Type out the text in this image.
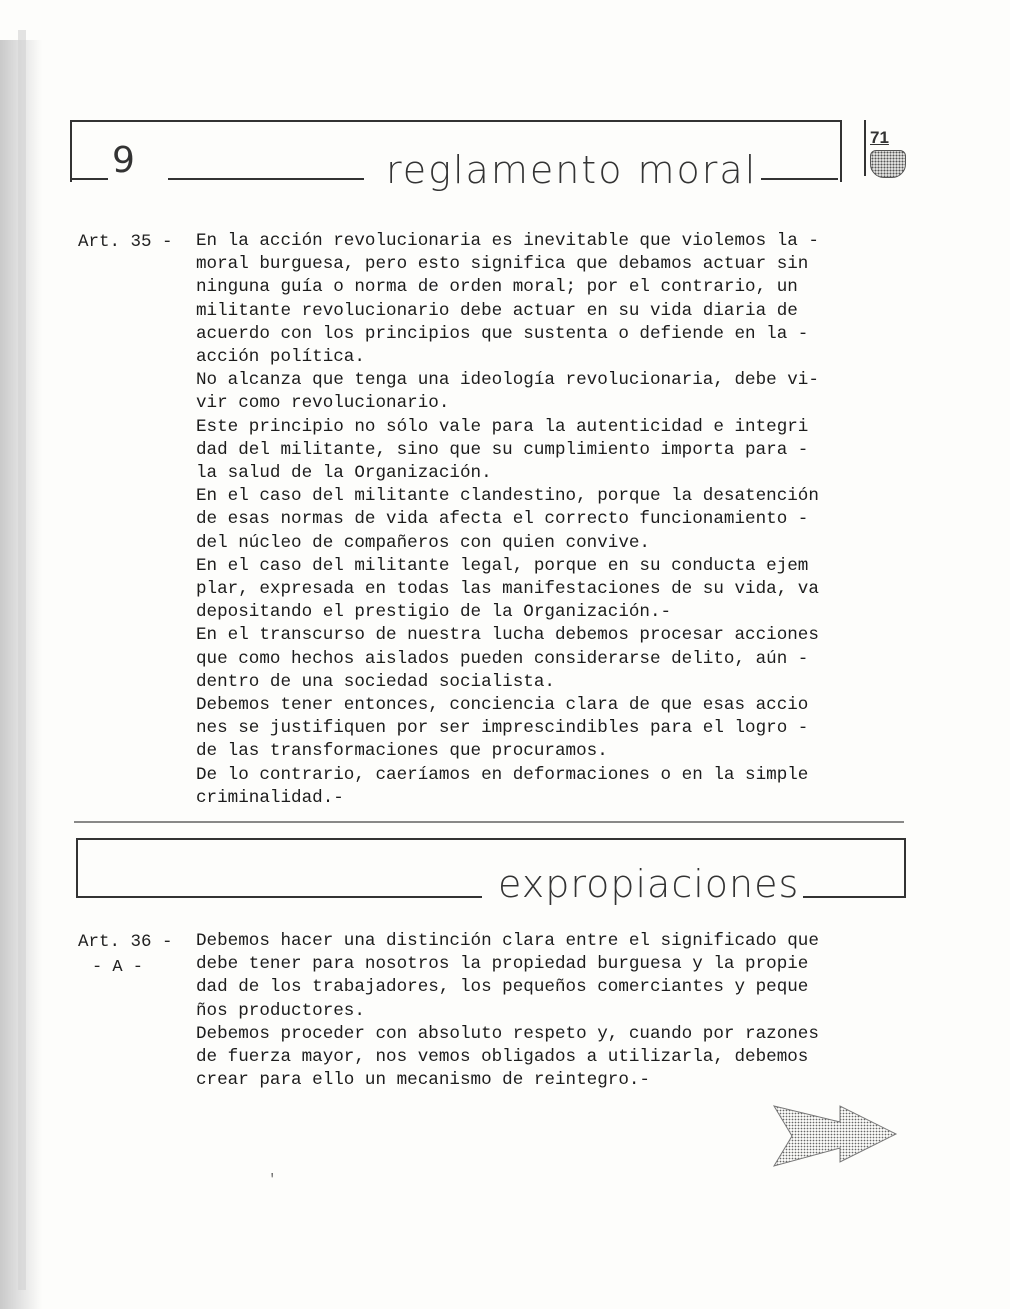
9	reglamento moral
71
Art. 35 - En la acción revolucionaria es inevitable que violemos la -
moral burguesa, pero esto significa que debamos actuar sin
ninguna guía o norma de orden moral; por el contrario, un
militante revolucionario debe actuar en su vida diaria de
acuerdo con los principios que sustenta o defiende en la -
acción política.
No alcanza que tenga una ideología revolucionaria, debe vi-
vir como revolucionario.
Este principio no sólo vale para la autenticidad e integri
dad del militante, sino que su cumplimiento importa para -
la salud de la Organización.
En el caso del militante clandestino, porque la desatención
de esas normas de vida afecta el correcto funcionamiento -
del núcleo de compañeros con quien convive.
En el caso del militante legal, porque en su conducta ejem
plar, expresada en todas las manifestaciones de su vida, va
depositando el prestigio de la Organización.-
En el transcurso de nuestra lucha debemos procesar acciones
que como hechos aislados pueden considerarse delito, aún -
dentro de una sociedad socialista.
Debemos tener entonces, conciencia clara de que esas accio
nes se justifiquen por ser imprescindibles para el logro -
de las transformaciones que procuramos.
De lo contrario, caeríamos en deformaciones o en la simple
criminalidad.-
expropiaciones
Art. 36 -
- A -
Debemos hacer una distinción clara entre el significado que
debe tener para nosotros la propiedad burguesa y la propie
dad de los trabajadores, los pequeños comerciantes y peque
ños productores.
Debemos proceder con absoluto respeto y, cuando por razones
de fuerza mayor, nos vemos obligados a utilizarla, debemos
crear para ello un mecanismo de reintegro.-
'
